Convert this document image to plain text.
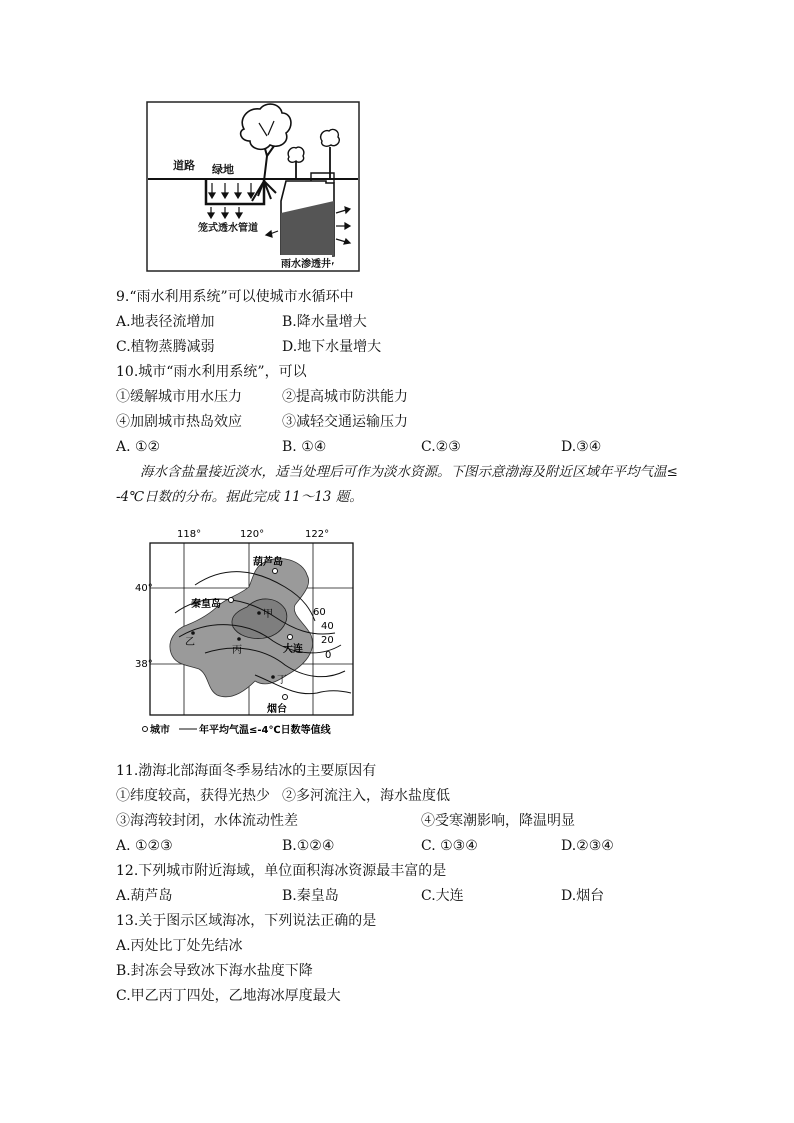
道路 绿地
笼式透水管道
雨水渗透井
9.“雨水利用系统”可以使城市水循环中
A.地表径流增加	B.降水量增大
C.植物蒸腾减弱	D.地下水量增大
10.城市“雨水利用系统”，可以
①缓解城市用水压力	②提高城市防洪能力
④加剧城市热岛效应	③减轻交通运输压力
A. ①②	B. ①④	C.②③	D.③④
海水含盐量接近淡水，适当处理后可作为淡水资源。下图示意渤海及附近区域年平均气温≤
-4℃日数的分布。据此完成 11～13 题。
118°	120°	122°
40°
38°
葫芦岛
秦皇岛
大连
烟台
甲
乙
丙
丁
60
40
20
0
城市	年平均气温≤-4℃日数等值线
11.渤海北部海面冬季易结冰的主要原因有
①纬度较高，获得光热少 ②多河流注入，海水盐度低
③海湾较封闭，水体流动性差	④受寒潮影响，降温明显
A. ①②③	B.①②④	C. ①③④	D.②③④
12.下列城市附近海域，单位面积海冰资源最丰富的是
A.葫芦岛	B.秦皇岛	C.大连	D.烟台
13.关于图示区域海冰，下列说法正确的是
A.丙处比丁处先结冰
B.封冻会导致冰下海水盐度下降
C.甲乙丙丁四处，乙地海冰厚度最大
